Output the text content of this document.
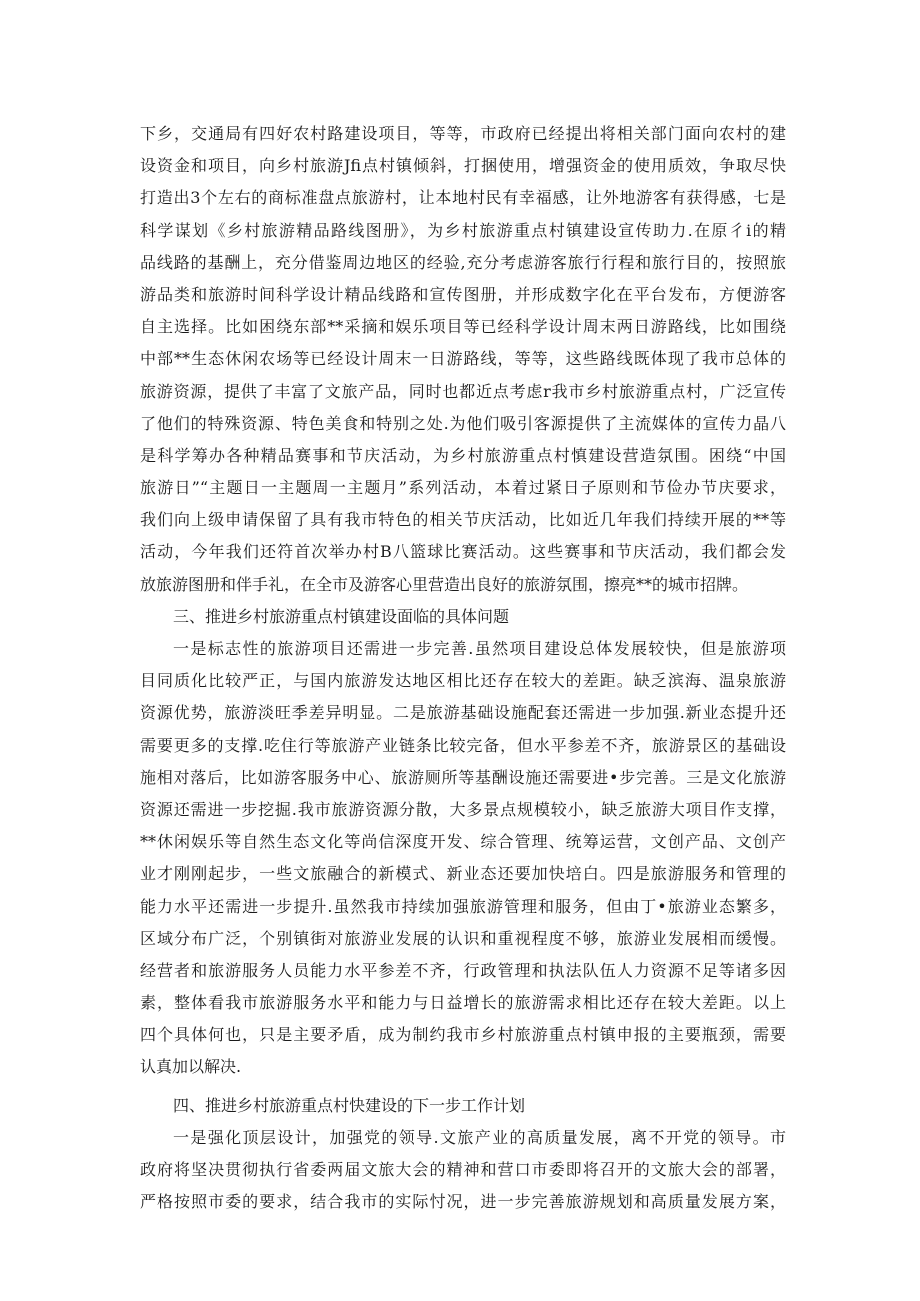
下乡，交通局有四好农村路建设项目，等等，市政府已经提出将相关部门面向农村的建
设资金和项目，向乡村旅游Jfi点村镇倾斜，打捆使用，增强资金的使用质效，争取尽快
打造出3个左右的商标准盘点旅游村，让本地村民有幸福感，让外地游客有获得感，七是
科学谋划《乡村旅游精品路线图册》，为乡村旅游重点村镇建设宣传助力.在原彳i的精
品线路的基酬上，充分借鉴周边地区的经验,充分考虑游客旅行行程和旅行目的，按照旅
游品类和旅游时间科学设计精品线路和宣传图册，并形成数字化在平台发布，方便游客
自主选择。比如困绕东部**采摘和娱乐项目等已经科学设计周末两日游路线，比如围绕
中部**生态休闲农场等已经设计周末一日游路线，等等，这些路线既体现了我市总体的
旅游资源，提供了丰富了文旅产品，同时也都近点考虑r我市乡村旅游重点村，广泛宣传
了他们的特殊资源、特色美食和特别之处.为他们吸引客源提供了主流媒体的宣传力晶八
是科学筹办各种精品赛事和节庆活动，为乡村旅游重点村慎建设营造氛围。困绕“中国
旅游日”“主题日一主题周一主题月”系列活动，本着过紧日子原则和节俭办节庆要求，
我们向上级申请保留了具有我市特色的相关节庆活动，比如近几年我们持续开展的**等
活动，今年我们还符首次举办村B八篮球比赛活动。这些赛事和节庆活动，我们都会发
放旅游图册和伴手礼，在全市及游客心里营造出良好的旅游氛围，擦亮**的城市招牌。
三、推进乡村旅游重点村镇建设面临的具体问题
一是标志性的旅游项目还需进一步完善.虽然项目建设总体发展较快，但是旅游项
目同质化比较严正，与国内旅游发达地区相比还存在较大的差距。缺乏滨海、温泉旅游
资源优势，旅游淡旺季差异明显。二是旅游基础设施配套还需进一步加强.新业态提升还
需要更多的支撑.吃住行等旅游产业链条比较完备，但水平参差不齐，旅游景区的基础设
施相对落后，比如游客服务中心、旅游厕所等基酬设施还需要进•步完善。三是文化旅游
资源还需进一步挖掘.我市旅游资源分散，大多景点规模较小，缺乏旅游大项目作支撑，
**休闲娱乐等自然生态文化等尚信深度开发、综合管理、统筹运营，文创产品、文创产
业才刚刚起步，一些文旅融合的新模式、新业态还要加快培白。四是旅游服务和管理的
能力水平还需进一步提升.虽然我市持续加强旅游管理和服务，但由丁•旅游业态繁多，
区域分布广泛，个别镇街对旅游业发展的认识和重视程度不够，旅游业发展相而缓慢。
经营者和旅游服务人员能力水平参差不齐，行政管理和执法队伍人力资源不足等诸多因
素，整体看我市旅游服务水平和能力与日益增长的旅游需求相比还存在较大差距。以上
四个具体何也，只是主要矛盾，成为制约我市乡村旅游重点村镇申报的主要瓶颈，需要
认真加以解决.
四、推进乡村旅游重点村快建设的下一步工作计划
一是强化顶层设计，加强党的领导.文旅产业的高质量发展，离不开党的领导。市
政府将坚决贯彻执行省委两届文旅大会的精神和营口市委即将召开的文旅大会的部署，
严格按照市委的要求，结合我市的实际忖况，进一步完善旅游规划和高质量发展方案，
